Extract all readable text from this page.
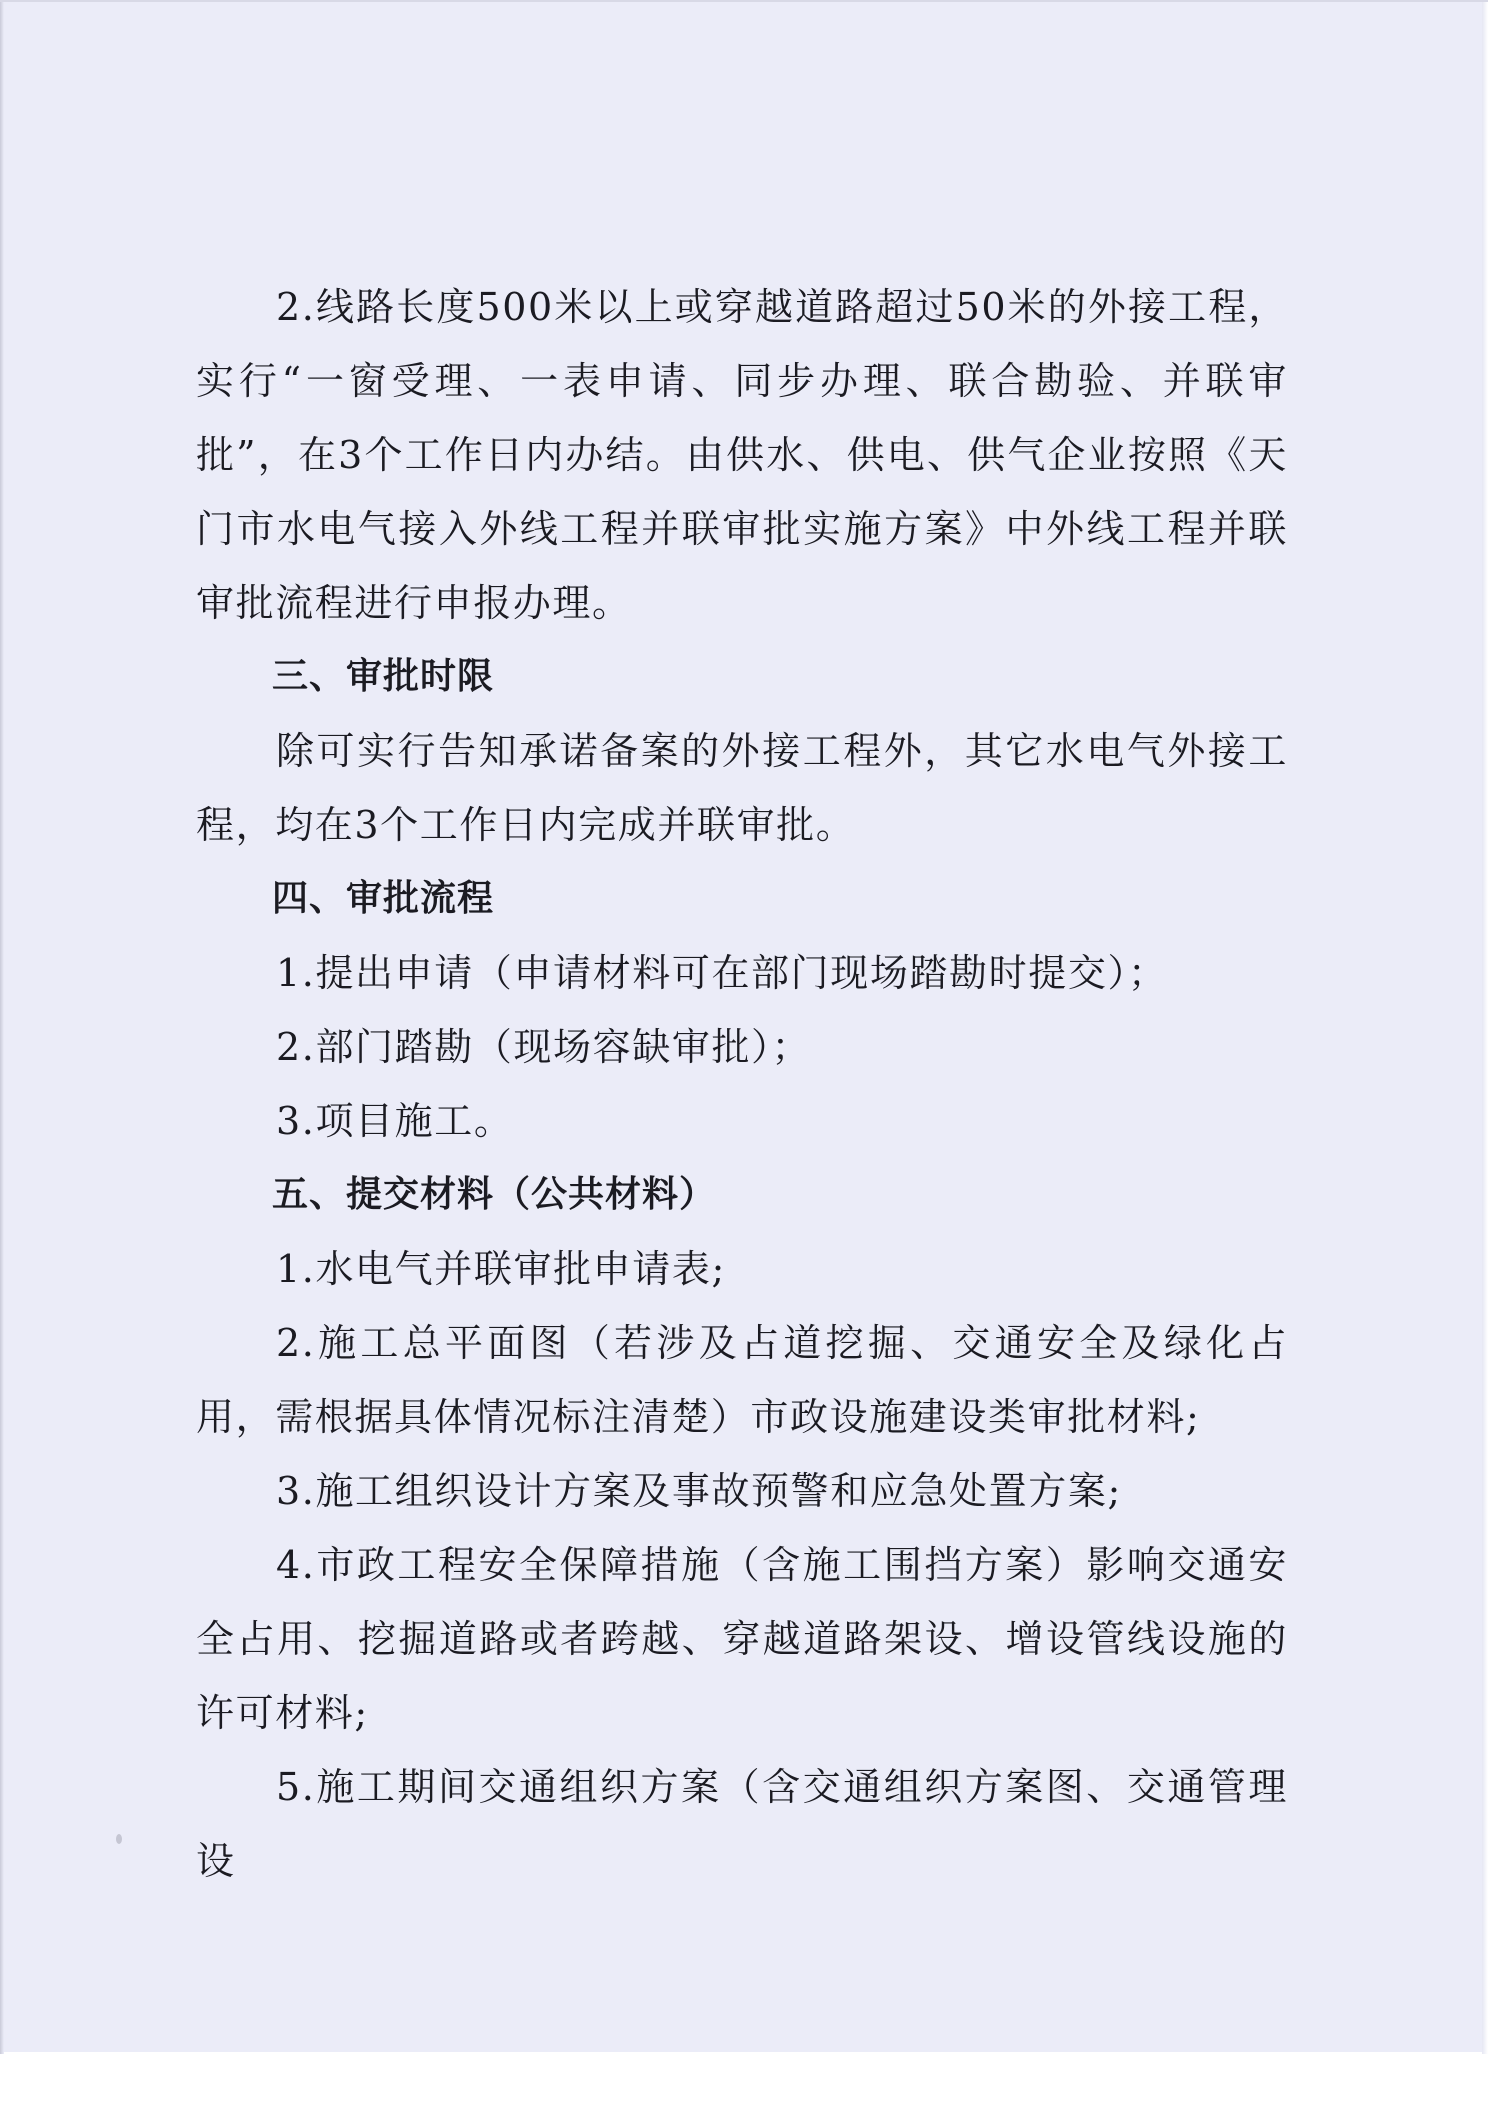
2.线路长度500米以上或穿越道路超过50米的外接工程，实行“一窗受理、一表申请、同步办理、联合勘验、并联审批”，在3个工作日内办结。由供水、供电、供气企业按照《天门市水电气接入外线工程并联审批实施方案》中外线工程并联审批流程进行申报办理。

三、审批时限

除可实行告知承诺备案的外接工程外，其它水电气外接工程，均在3个工作日内完成并联审批。

四、审批流程

1.提出申请（申请材料可在部门现场踏勘时提交）；

2.部门踏勘（现场容缺审批）；

3.项目施工。

五、提交材料（公共材料）

1.水电气并联审批申请表;

2.施工总平面图（若涉及占道挖掘、交通安全及绿化占用，需根据具体情况标注清楚）市政设施建设类审批材料;

3.施工组织设计方案及事故预警和应急处置方案;

4.市政工程安全保障措施（含施工围挡方案）影响交通安全占用、挖掘道路或者跨越、穿越道路架设、增设管线设施的许可材料;

5.施工期间交通组织方案（含交通组织方案图、交通管理设
